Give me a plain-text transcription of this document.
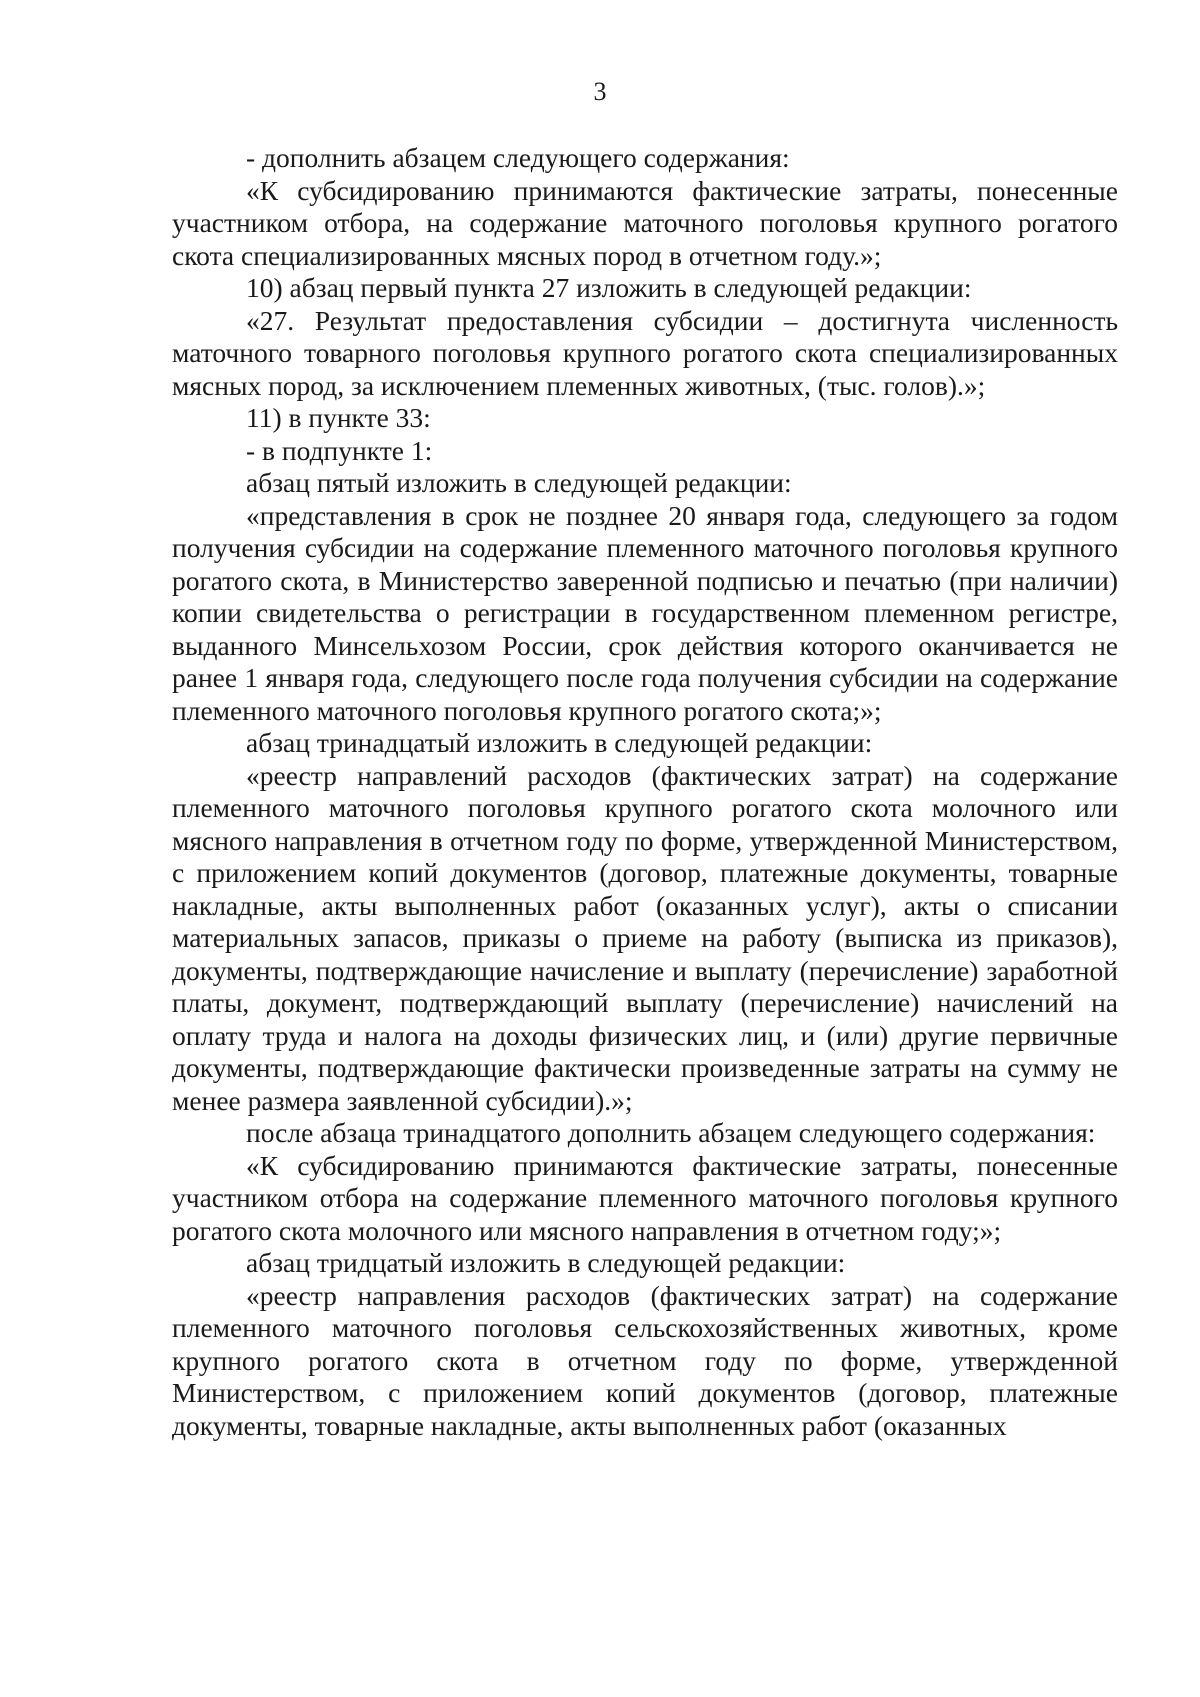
3

- дополнить абзацем следующего содержания:

«К субсидированию принимаются фактические затраты, понесенные участником отбора, на содержание маточного поголовья крупного рогатого скота специализированных мясных пород в отчетном году.»;

10) абзац первый пункта 27 изложить в следующей редакции:

«27. Результат предоставления субсидии – достигнута численность маточного товарного поголовья крупного рогатого скота специализированных мясных пород, за исключением племенных животных, (тыс. голов).»;

11) в пункте 33:

- в подпункте 1:

абзац пятый изложить в следующей редакции:

«представления в срок не позднее 20 января года, следующего за годом получения субсидии на содержание племенного маточного поголовья крупного рогатого скота, в Министерство заверенной подписью и печатью (при наличии) копии свидетельства о регистрации в государственном племенном регистре, выданного Минсельхозом России, срок действия которого оканчивается не ранее 1 января года, следующего после года получения субсидии на содержание племенного маточного поголовья крупного рогатого скота;»;

абзац тринадцатый изложить в следующей редакции:

«реестр направлений расходов (фактических затрат) на содержание племенного маточного поголовья крупного рогатого скота молочного или мясного направления в отчетном году по форме, утвержденной Министерством, с приложением копий документов (договор, платежные документы, товарные накладные, акты выполненных работ (оказанных услуг), акты о списании материальных запасов, приказы о приеме на работу (выписка из приказов), документы, подтверждающие начисление и выплату (перечисление) заработной платы, документ, подтверждающий выплату (перечисление) начислений на оплату труда и налога на доходы физических лиц, и (или) другие первичные документы, подтверждающие фактически произведенные затраты на сумму не менее размера заявленной субсидии).»;

после абзаца тринадцатого дополнить абзацем следующего содержания:

«К субсидированию принимаются фактические затраты, понесенные участником отбора на содержание племенного маточного поголовья крупного рогатого скота молочного или мясного направления в отчетном году;»;

абзац тридцатый изложить в следующей редакции:

«реестр направления расходов (фактических затрат) на содержание племенного маточного поголовья сельскохозяйственных животных, кроме крупного рогатого скота в отчетном году по форме, утвержденной Министерством, с приложением копий документов (договор, платежные документы, товарные накладные, акты выполненных работ (оказанных
